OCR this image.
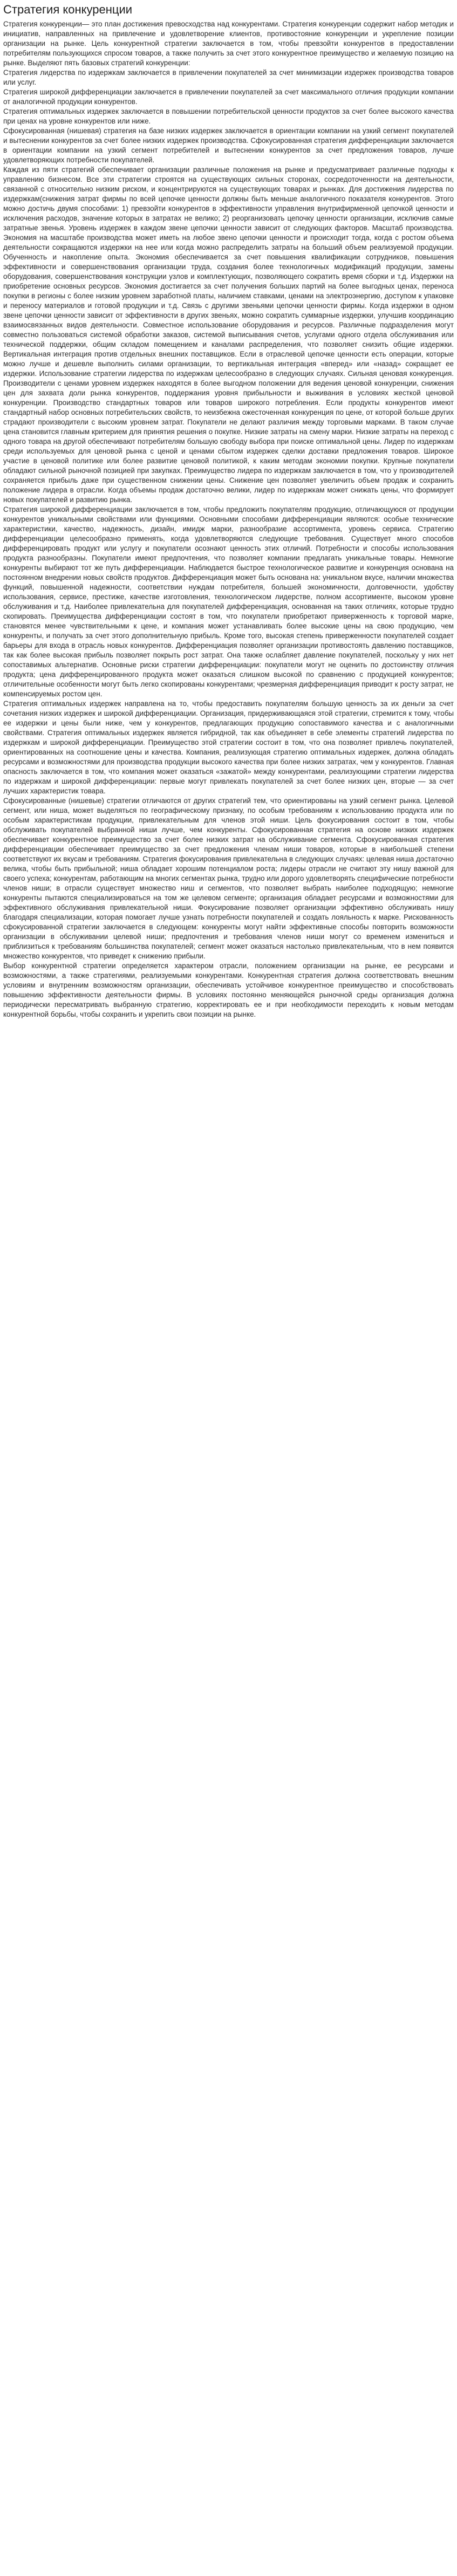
Стратегия конкуренции

Стратегия конкуренции— это план достижения превосходства над конкурентами. Стратегия конкуренции содержит набор методик и инициатив, направленных на привлечение и удовлетворение клиентов, противостояние конкуренции и укрепление позиции организации на рынке. Цель конкурентной стратегии заключается в том, чтобы превзойти конкурентов в предоставлении потребителям пользующихся спросом товаров, а также получить за счет этого конкурентное преимущество и желаемую позицию на рынке. Выделяют пять базовых стратегий конкуренции:

Стратегия лидерства по издержкам заключается в привлечении покупателей за счет минимизации издержек производства товаров или услуг.

Стратегия широкой дифференциации заключается в привлечении покупателей за счет максимального отличия продукции компании от аналогичной продукции конкурентов.

Стратегия оптимальных издержек заключается в повышении потребительской ценности продуктов за счет более высокого качества при ценах на уровне конкурентов или ниже.

Сфокусированная (нишевая) стратегия на базе низких издержек заключается в ориентации компании на узкий сегмент покупателей и вытеснении конкурентов за счет более низких издержек производства. Сфокусированная стратегия дифференциации заключается в ориентации компании на узкий сегмент потребителей и вытеснении конкурентов за счет предложения товаров, лучше удовлетворяющих потребности покупателей.

Каждая из пяти стратегий обеспечивает организации различные положения на рынке и предусматривает различные подходы к управлению бизнесом. Все эти стратегии строятся на существующих сильных сторонах, сосредоточенности на деятельности, связанной с относительно низким риском, и концентрируются на существующих товарах и рынках. Для достижения лидерства по издержкам(снижения затрат фирмы по всей цепочке ценности должны быть меньше аналогичного показателя конкурентов. Этого можно достичь двумя способами: 1) превзойти конкурентов в эффективности управления внутрифирменной цепочкой ценности и исключения расходов, значение которых в затратах не велико; 2) реорганизовать цепочку ценности организации, исключив самые затратные звенья. Уровень издержек в каждом звене цепочки ценности зависит от следующих факторов. Масштаб производства. Экономия на масштабе производства может иметь на любое звено цепочки ценности и происходит тогда, когда с ростом объема деятельности сокращаются издержки на нее или когда можно распределить затраты на больший объем реализуемой продукции. Обученность и накопление опыта. Экономия обеспечивается за счет повышения квалификации сотрудников, повышения эффективности и совершенствования организации труда, создания более технологичных модификаций продукции, замены оборудования, совершенствования конструкции узлов и комплектующих, позволяющего сократить время сборки и т.д. Издержки на приобретение основных ресурсов. Экономия достигается за счет получения больших партий на более выгодных ценах, переноса покупки в регионы с более низким уровнем заработной платы, наличием ставками, ценами на электроэнергию, доступом к упаковке и переносу материалов и готовой продукции и т.д. Связь с другими звеньями цепочки ценности фирмы. Когда издержки в одном звене цепочки ценности зависит от эффективности в других звеньях, можно сократить суммарные издержки, улучшив координацию взаимосвязанных видов деятельности. Совместное использование оборудования и ресурсов. Различные подразделения могут совместно пользоваться системой обработки заказов, системой выписывания счетов, услугами одного отдела обслуживания или технической поддержки, общим складом помещением и каналами распределения, что позволяет снизить общие издержки. Вертикальная интеграция против отдельных внешних поставщиков. Если в отраслевой цепочке ценности есть операции, которые можно лучше и дешевле выполнить силами организации, то вертикальная интеграция «вперед» или «назад» сокращает ее издержки. Использование стратегии лидерства по издержкам целесообразно в следующих случаях. Сильная ценовая конкуренция. Производители с ценами уровнем издержек находятся в более выгодном положении для ведения ценовой конкуренции, снижения цен для захвата доли рынка конкурентов, поддержания уровня прибыльности и выживания в условиях жесткой ценовой конкуренции. Производство стандартных товаров или товаров широкого потребления. Если продукты конкурентов имеют стандартный набор основных потребительских свойств, то неизбежна ожесточенная конкуренция по цене, от которой больше других страдают производители с высоким уровнем затрат. Покупатели не делают различия между торговыми марками. В таком случае цена становится главным критерием для принятия решения о покупке. Низкие затраты на смену марки. Низкие затраты на переход с одного товара на другой обеспечивают потребителям большую свободу выбора при поиске оптимальной цены. Лидер по издержкам среди используемых для ценовой рынка с ценой и ценами сбытом издержек сделки доставки предложения товаров. Широкое участие в ценовой политике или более развитие ценовой политикой, к каким методам экономии покупки. Крупные покупатели обладают сильной рыночной позицией при закупках. Преимущество лидера по издержкам заключается в том, что у производителей сохраняется прибыль даже при существенном снижении цены. Снижение цен позволяет увеличить объем продаж и сохранить положение лидера в отрасли. Когда объемы продаж достаточно велики, лидер по издержкам может снижать цены, что формирует новых покупателей и развитию рынка.

Стратегия широкой дифференциации заключается в том, чтобы предложить покупателям продукцию, отличающуюся от продукции конкурентов уникальными свойствами или функциями. Основными способами дифференциации являются: особые технические характеристики, качество, надежность, дизайн, имидж марки, разнообразие ассортимента, уровень сервиса. Стратегию дифференциации целесообразно применять, когда удовлетворяются следующие требования. Существует много способов дифференцировать продукт или услугу и покупатели осознают ценность этих отличий. Потребности и способы использования продукта разнообразны. Покупатели имеют предпочтения, что позволяет компании предлагать уникальные товары. Немногие конкуренты выбирают тот же путь дифференциации. Наблюдается быстрое технологическое развитие и конкуренция основана на постоянном внедрении новых свойств продуктов. Дифференциация может быть основана на: уникальном вкусе, наличии множества функций, повышенной надежности, соответствии нуждам потребителя, большей экономичности, долговечности, удобству использования, сервисе, престиже, качестве изготовления, технологическом лидерстве, полном ассортименте, высоком уровне обслуживания и т.д. Наиболее привлекательна для покупателей дифференциация, основанная на таких отличиях, которые трудно скопировать. Преимущества дифференциации состоят в том, что покупатели приобретают приверженность к торговой марке, становятся менее чувствительными к цене, и компания может устанавливать более высокие цены на свою продукцию, чем конкуренты, и получать за счет этого дополнительную прибыль. Кроме того, высокая степень приверженности покупателей создает барьеры для входа в отрасль новых конкурентов. Дифференциация позволяет организации противостоять давлению поставщиков, так как более высокая прибыль позволяет покрыть рост затрат. Она также ослабляет давление покупателей, поскольку у них нет сопоставимых альтернатив. Основные риски стратегии дифференциации: покупатели могут не оценить по достоинству отличия продукта; цена дифференцированного продукта может оказаться слишком высокой по сравнению с продукцией конкурентов; отличительные особенности могут быть легко скопированы конкурентами; чрезмерная дифференциация приводит к росту затрат, не компенсируемых ростом цен.

Стратегия оптимальных издержек направлена на то, чтобы предоставить покупателям большую ценность за их деньги за счет сочетания низких издержек и широкой дифференциации. Организация, придерживающаяся этой стратегии, стремится к тому, чтобы ее издержки и цены были ниже, чем у конкурентов, предлагающих продукцию сопоставимого качества и с аналогичными свойствами. Стратегия оптимальных издержек является гибридной, так как объединяет в себе элементы стратегий лидерства по издержкам и широкой дифференциации. Преимущество этой стратегии состоит в том, что она позволяет привлечь покупателей, ориентированных на соотношение цены и качества. Компания, реализующая стратегию оптимальных издержек, должна обладать ресурсами и возможностями для производства продукции высокого качества при более низких затратах, чем у конкурентов. Главная опасность заключается в том, что компания может оказаться «зажатой» между конкурентами, реализующими стратегии лидерства по издержкам и широкой дифференциации: первые могут привлекать покупателей за счет более низких цен, вторые — за счет лучших характеристик товара.

Сфокусированные (нишевые) стратегии отличаются от других стратегий тем, что ориентированы на узкий сегмент рынка. Целевой сегмент, или ниша, может выделяться по географическому признаку, по особым требованиям к использованию продукта или по особым характеристикам продукции, привлекательным для членов этой ниши. Цель фокусирования состоит в том, чтобы обслуживать покупателей выбранной ниши лучше, чем конкуренты. Сфокусированная стратегия на основе низких издержек обеспечивает конкурентное преимущество за счет более низких затрат на обслуживание сегмента. Сфокусированная стратегия дифференциации обеспечивает преимущество за счет предложения членам ниши товаров, которые в наибольшей степени соответствуют их вкусам и требованиям. Стратегия фокусирования привлекательна в следующих случаях: целевая ниша достаточно велика, чтобы быть прибыльной; ниша обладает хорошим потенциалом роста; лидеры отрасли не считают эту нишу важной для своего успеха; конкурентам, работающим на многих сегментах рынка, трудно или дорого удовлетворять специфические потребности членов ниши; в отрасли существует множество ниш и сегментов, что позволяет выбрать наиболее подходящую; немногие конкуренты пытаются специализироваться на том же целевом сегменте; организация обладает ресурсами и возможностями для эффективного обслуживания привлекательной ниши. Фокусирование позволяет организации эффективно обслуживать нишу благодаря специализации, которая помогает лучше узнать потребности покупателей и создать лояльность к марке. Рискованность сфокусированной стратегии заключается в следующем: конкуренты могут найти эффективные способы повторить возможности организации в обслуживании целевой ниши; предпочтения и требования членов ниши могут со временем измениться и приблизиться к требованиям большинства покупателей; сегмент может оказаться настолько привлекательным, что в нем появится множество конкурентов, что приведет к снижению прибыли.

Выбор конкурентной стратегии определяется характером отрасли, положением организации на рынке, ее ресурсами и возможностями, а также стратегиями, реализуемыми конкурентами. Конкурентная стратегия должна соответствовать внешним условиям и внутренним возможностям организации, обеспечивать устойчивое конкурентное преимущество и способствовать повышению эффективности деятельности фирмы. В условиях постоянно меняющейся рыночной среды организация должна периодически пересматривать выбранную стратегию, корректировать ее и при необходимости переходить к новым методам конкурентной борьбы, чтобы сохранить и укрепить свои позиции на рынке.
